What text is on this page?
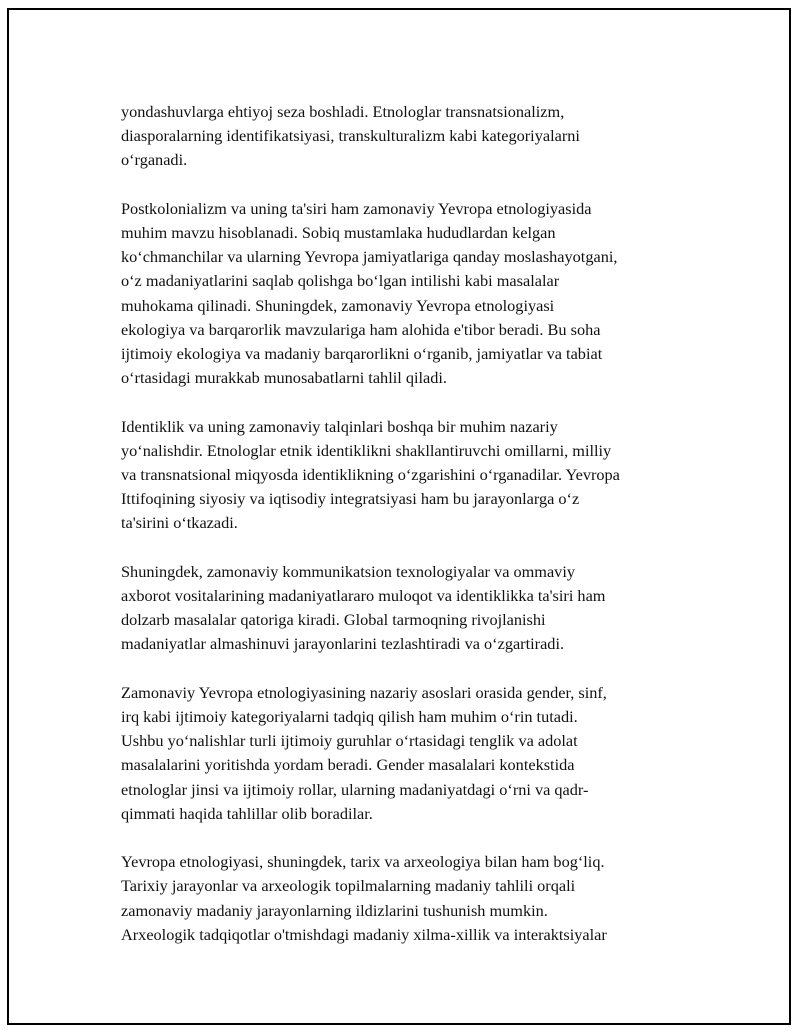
yondashuvlarga ehtiyoj seza boshladi. Etnologlar transnatsionalizm,
diasporalarning identifikatsiyasi, transkulturalizm kabi kategoriyalarni
o‘rganadi.

Postkolonializm va uning ta'siri ham zamonaviy Yevropa etnologiyasida
muhim mavzu hisoblanadi. Sobiq mustamlaka hududlardan kelgan
ko‘chmanchilar va ularning Yevropa jamiyatlariga qanday moslashayotgani,
o‘z madaniyatlarini saqlab qolishga bo‘lgan intilishi kabi masalalar
muhokama qilinadi. Shuningdek, zamonaviy Yevropa etnologiyasi
ekologiya va barqarorlik mavzulariga ham alohida e'tibor beradi. Bu soha
ijtimoiy ekologiya va madaniy barqarorlikni o‘rganib, jamiyatlar va tabiat
o‘rtasidagi murakkab munosabatlarni tahlil qiladi.

Identiklik va uning zamonaviy talqinlari boshqa bir muhim nazariy
yo‘nalishdir. Etnologlar etnik identiklikni shakllantiruvchi omillarni, milliy
va transnatsional miqyosda identiklikning o‘zgarishini o‘rganadilar. Yevropa
Ittifoqining siyosiy va iqtisodiy integratsiyasi ham bu jarayonlarga o‘z
ta'sirini o‘tkazadi.

Shuningdek, zamonaviy kommunikatsion texnologiyalar va ommaviy
axborot vositalarining madaniyatlararo muloqot va identiklikka ta'siri ham
dolzarb masalalar qatoriga kiradi. Global tarmoqning rivojlanishi
madaniyatlar almashinuvi jarayonlarini tezlashtiradi va o‘zgartiradi.

Zamonaviy Yevropa etnologiyasining nazariy asoslari orasida gender, sinf,
irq kabi ijtimoiy kategoriyalarni tadqiq qilish ham muhim o‘rin tutadi.
Ushbu yo‘nalishlar turli ijtimoiy guruhlar o‘rtasidagi tenglik va adolat
masalalarini yoritishda yordam beradi. Gender masalalari kontekstida
etnologlar jinsi va ijtimoiy rollar, ularning madaniyatdagi o‘rni va qadr-
qimmati haqida tahlillar olib boradilar.

Yevropa etnologiyasi, shuningdek, tarix va arxeologiya bilan ham bog‘liq.
Tarixiy jarayonlar va arxeologik topilmalarning madaniy tahlili orqali
zamonaviy madaniy jarayonlarning ildizlarini tushunish mumkin.
Arxeologik tadqiqotlar o'tmishdagi madaniy xilma-xillik va interaktsiyalar
